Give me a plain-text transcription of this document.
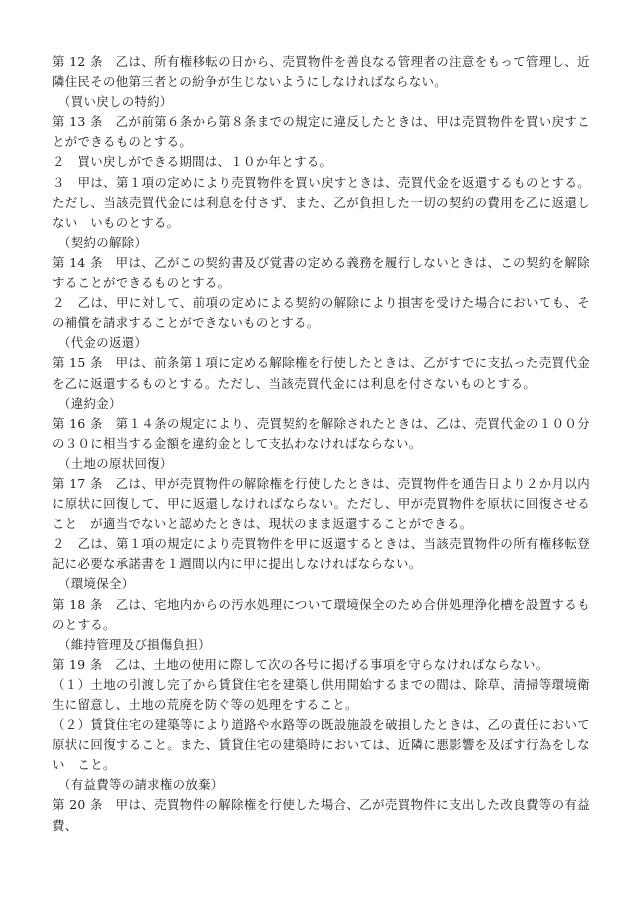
第 12 条　乙は、所有権移転の日から、売買物件を善良なる管理者の注意をもって管理し、近隣住民その他第三者との紛争が生じないようにしなければならない。

（買い戻しの特約）

第 13 条　乙が前第６条から第８条までの規定に違反したときは、甲は売買物件を買い戻すことができるものとする。

２　買い戻しができる期間は、１０か年とする。

３　甲は、第１項の定めにより売買物件を買い戻すときは、売買代金を返還するものとする。ただし、当該売買代金には利息を付さず、また、乙が負担した一切の契約の費用を乙に返還しない　いものとする。

（契約の解除）

第 14 条　甲は、乙がこの契約書及び覚書の定める義務を履行しないときは、この契約を解除することができるものとする。

２　乙は、甲に対して、前項の定めによる契約の解除により損害を受けた場合においても、その補償を請求することができないものとする。

（代金の返還）

第 15 条　甲は、前条第１項に定める解除権を行使したときは、乙がすでに支払った売買代金を乙に返還するものとする。ただし、当該売買代金には利息を付さないものとする。

（違約金）

第 16 条　第１４条の規定により、売買契約を解除されたときは、乙は、売買代金の１００分の３０に相当する金額を違約金として支払わなければならない。

（土地の原状回復）

第 17 条　乙は、甲が売買物件の解除権を行使したときは、売買物件を通告日より２か月以内に原状に回復して、甲に返還しなければならない。ただし、甲が売買物件を原状に回復させること　が適当でないと認めたときは、現状のまま返還することができる。

２　乙は、第１項の規定により売買物件を甲に返還するときは、当該売買物件の所有権移転登記に必要な承諾書を１週間以内に甲に提出しなければならない。

（環境保全）

第 18 条　乙は、宅地内からの汚水処理について環境保全のため合併処理浄化槽を設置するものとする。

（維持管理及び損傷負担）

第 19 条　乙は、土地の使用に際して次の各号に掲げる事項を守らなければならない。

（１）土地の引渡し完了から賃貸住宅を建築し供用開始するまでの間は、除草、清掃等環境衛生に留意し、土地の荒廃を防ぐ等の処理をすること。

（２）賃貸住宅の建築等により道路や水路等の既設施設を破損したときは、乙の責任において原状に回復すること。また、賃貸住宅の建築時においては、近隣に悪影響を及ぼす行為をしない　こと。

（有益費等の請求権の放棄）

第 20 条　甲は、売買物件の解除権を行使した場合、乙が売買物件に支出した改良費等の有益費、
